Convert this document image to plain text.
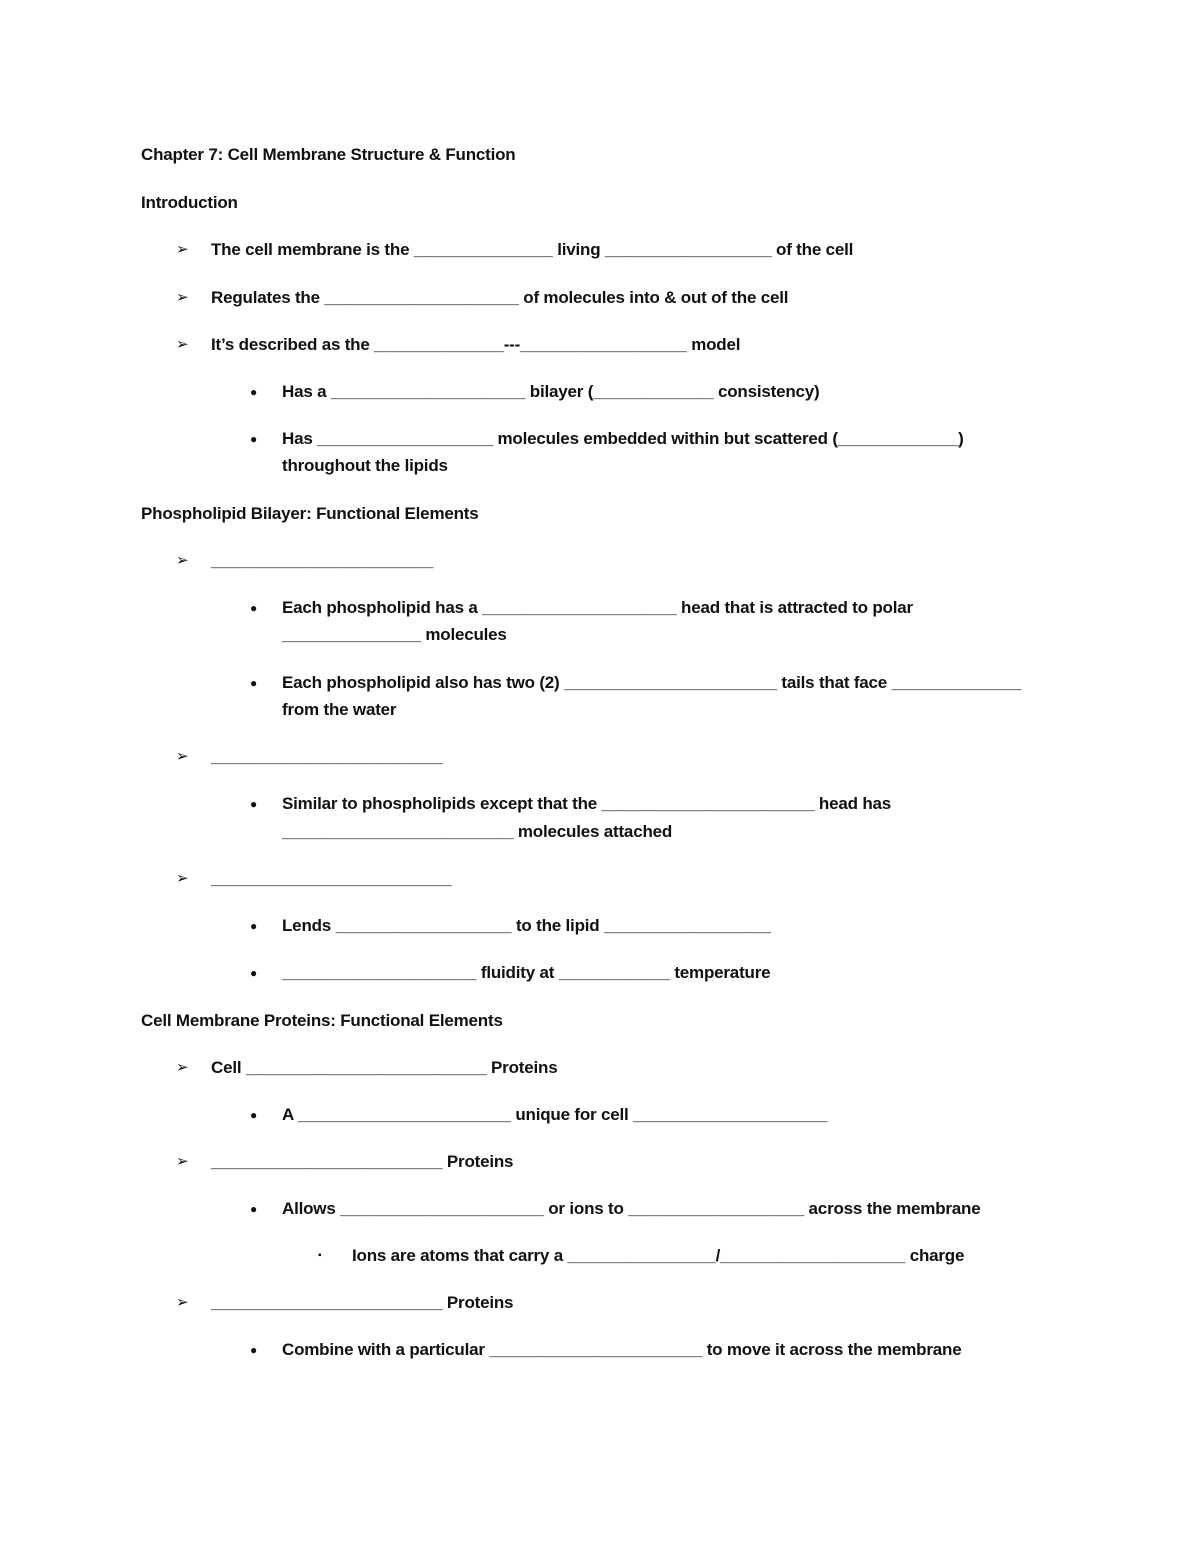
Chapter 7: Cell Membrane Structure & Function
Introduction
➢ The cell membrane is the _______________ living __________________ of the cell
➢ Regulates the _____________________ of molecules into & out of the cell
➢ It’s described as the ______________---__________________ model
● Has a _____________________ bilayer (_____________ consistency)
● Has ___________________ molecules embedded within but scattered (_____________)
throughout the lipids
Phospholipid Bilayer: Functional Elements
➢ ________________________
● Each phospholipid has a _____________________ head that is attracted to polar
_______________ molecules
● Each phospholipid also has two (2) _______________________ tails that face ______________
from the water
➢ _________________________
● Similar to phospholipids except that the _______________________ head has
_________________________ molecules attached
➢ __________________________
● Lends ___________________ to the lipid __________________
● _____________________ fluidity at ____________ temperature
Cell Membrane Proteins: Functional Elements
➢ Cell __________________________ Proteins
● A _______________________ unique for cell _____________________
➢ _________________________ Proteins
● Allows ______________________ or ions to ___________________ across the membrane
▪ Ions are atoms that carry a ________________/____________________ charge
➢ _________________________ Proteins
● Combine with a particular _______________________ to move it across the membrane
